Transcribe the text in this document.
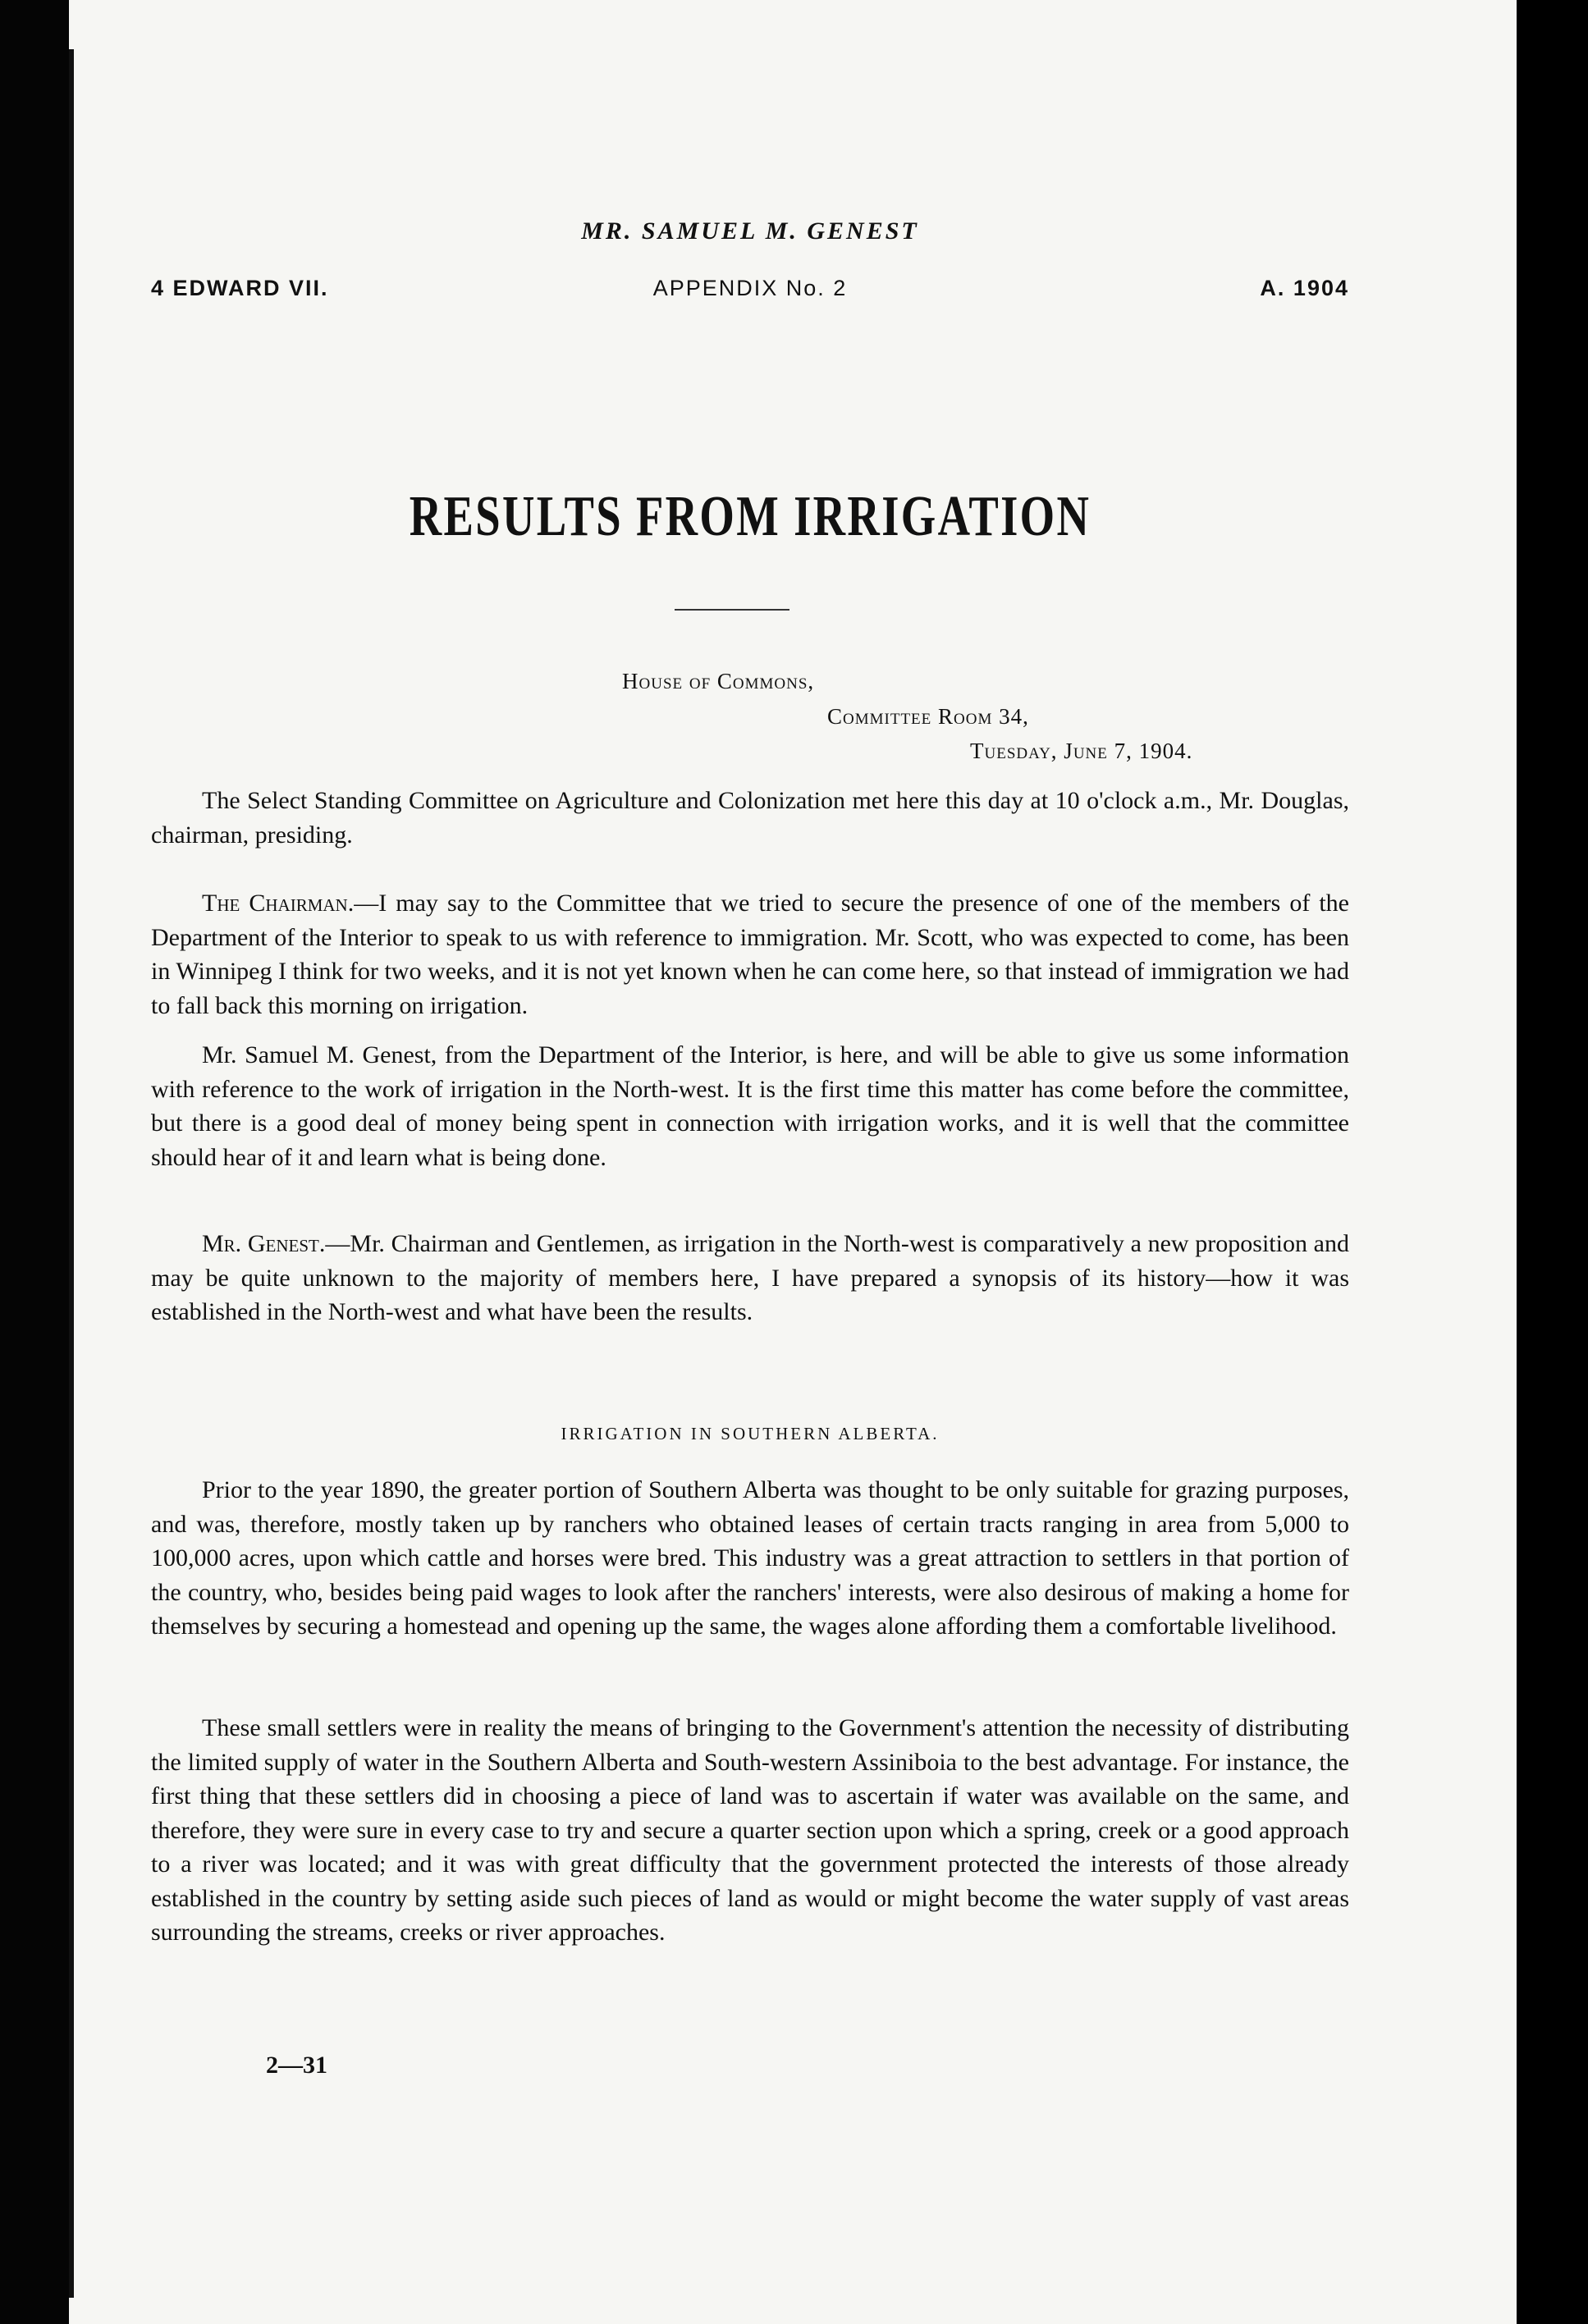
MR. SAMUEL M. GENEST
4 EDWARD VII.	APPENDIX No. 2	A. 1904
RESULTS FROM IRRIGATION
House of Commons,
Committee Room 34,
Tuesday, June 7, 1904.
The Select Standing Committee on Agriculture and Colonization met here this day at 10 o'clock a.m., Mr. Douglas, chairman, presiding.
The Chairman.—I may say to the Committee that we tried to secure the presence of one of the members of the Department of the Interior to speak to us with reference to immigration. Mr. Scott, who was expected to come, has been in Winnipeg I think for two weeks, and it is not yet known when he can come here, so that instead of immigration we had to fall back this morning on irrigation.
Mr. Samuel M. Genest, from the Department of the Interior, is here, and will be able to give us some information with reference to the work of irrigation in the North-west. It is the first time this matter has come before the committee, but there is a good deal of money being spent in connection with irrigation works, and it is well that the committee should hear of it and learn what is being done.
Mr. Genest.—Mr. Chairman and Gentlemen, as irrigation in the North-west is comparatively a new proposition and may be quite unknown to the majority of members here, I have prepared a synopsis of its history—how it was established in the North-west and what have been the results.
IRRIGATION IN SOUTHERN ALBERTA.
Prior to the year 1890, the greater portion of Southern Alberta was thought to be only suitable for grazing purposes, and was, therefore, mostly taken up by ranchers who obtained leases of certain tracts ranging in area from 5,000 to 100,000 acres, upon which cattle and horses were bred. This industry was a great attraction to settlers in that portion of the country, who, besides being paid wages to look after the ranchers' interests, were also desirous of making a home for themselves by securing a homestead and opening up the same, the wages alone affording them a comfortable livelihood.
These small settlers were in reality the means of bringing to the Government's attention the necessity of distributing the limited supply of water in the Southern Alberta and South-western Assiniboia to the best advantage. For instance, the first thing that these settlers did in choosing a piece of land was to ascertain if water was available on the same, and therefore, they were sure in every case to try and secure a quarter section upon which a spring, creek or a good approach to a river was located; and it was with great difficulty that the government protected the interests of those already established in the country by setting aside such pieces of land as would or might become the water supply of vast areas surrounding the streams, creeks or river approaches.
2—31
